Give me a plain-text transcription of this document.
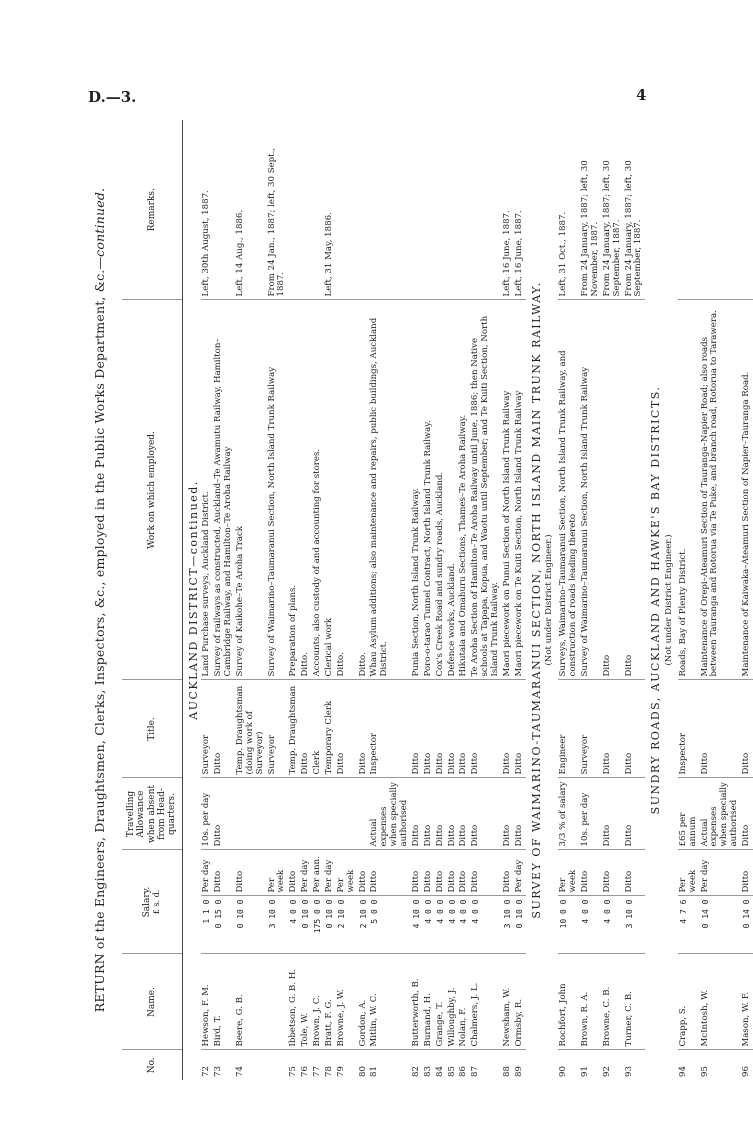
D.—3.	4
RETURN of the Engineers, Draughtsmen, Clerks, Inspectors, &c., employed in the Public Works Department, &c.—continued.
No.	Name.	Salary. £ s. d.		Travelling Allowance when absent from Head-quarters.	Title.	Work on which employed.	Remarks.
AUCKLAND DISTRICT—continued.							
72	Hewson, F. M.	1 1 0	Per day	10s. per day	Surveyor	Land Purchase surveys, Auckland District.	Left, 30th August, 1887.
73	Bird, T.	0 15 0	Ditto	Ditto	Ditto	Survey of railways as constructed, Auckland–Te Awamutu Railway, Hamilton–Cambridge Railway, and Hamilton–Te Aroha Railway	
74	Beere, G. B.	0 10 0	Ditto		Temp. Draughtsman (doing work of Surveyor)	Survey of Kaikohe–Te Aroha Track	Left, 14 Aug., 1886.
		3 10 0	Per week		Surveyor	Survey of Waimarino–Taumaranui Section, North Island Trunk Railway	From 24 Jan., 1887; left, 30 Sept., 1887.
75	Ibbetson, G. B. H.	4 0 0	Ditto		Temp. Draughtsman	Preparation of plans.	
76	Tole, W.	0 10 0	Per day		Ditto	Ditto.	
77	Brown, J. C.	175 0 0	Per ann.		Clerk	Accounts, also custody of and accounting for stores.	
78	Bratt, F. G.	0 10 0	Per day		Temporary Clerk	Clerical work	Left, 31 May, 1886.
79	Browne, J. W.	2 10 0	Per week		Ditto	Ditto.	
80	Gordon, A.	2 10 0	Ditto		Ditto	Ditto.	
81	Mitlin, W. C.	5 0 0	Ditto	Actual expenses when specially authorised	Inspector	Whau Asylum additions; also maintenance and repairs, public buildings, Auckland District.	
82	Butterworth, B.	4 10 0	Ditto	Ditto	Ditto	Punia Section, North Island Trunk Railway.	
83	Burnand, H.	4 0 0	Ditto	Ditto	Ditto	Poro-o-tarao Tunnel Contract, North Island Trunk Railway.	
84	Grange, T.	4 0 0	Ditto	Ditto	Ditto	Cox's Creek Road and sundry roads, Auckland.	
85	Willoughby, J.	4 0 0	Ditto	Ditto	Ditto	Defence works, Auckland.	
86	Nolan, F.	4 0 0	Ditto	Ditto	Ditto	Hikutaia and Omahuru Sections, Thames–Te Aroha Railway.	
87	Chalmers, J. L.	4 0 0	Ditto	Ditto	Ditto	Te Aroha Section of Hamilton–Te Aroha Railway until June, 1886; then Native schools at Tapapa, Kopua, and Waotu until September; and Te Kuiti Section, North Island Trunk Railway.	
88	Newsham, W.	3 10 0	Ditto	Ditto	Ditto	Maori piecework on Punui Section of North Island Trunk Railway	Left, 16 June, 1887.
89	Ormsby, R.	0 10 0	Per day	Ditto	Ditto	Maori piecework on Te Kuiti Section, North Island Trunk Railway	Left, 16 June, 1887.
SURVEY OF WAIMARINO-TAUMARANUI SECTION, NORTH ISLAND MAIN TRUNK RAILWAY.							
(Not under District Engineer.)							
90	Rochfort, John	10 0 0	Per week	3/3 % of salary	Engineer	Surveys, Waimarino–Taumaranui Section, North Island Trunk Railway, and construction of roads leading thereto	Left, 31 Oct., 1887.
91	Brown, R. A.	4 0 0	Ditto	10s. per day	Surveyor	Survey of Waimarino–Taumaranui Section, North Island Trunk Railway	From 24 January, 1887; left, 30 November, 1887.
92	Browne, C. B.	4 0 0	Ditto	Ditto	Ditto	Ditto	From 24 January, 1887; left, 30 September, 1887.
93	Turner, C. B.	3 10 0	Ditto	Ditto	Ditto	Ditto	From 24 January, 1887; left, 30 September, 1887.
SUNDRY ROADS, AUCKLAND AND HAWKE'S BAY DISTRICTS.							
(Not under District Engineer.)							
94	Crapp, S.	4 7 6	Per week	£65 per annum	Inspector	Roads, Bay of Plenty District.	
95	McIntosh, W.	0 14 0	Per day	Actual expenses when specially authorised	Ditto	Maintenance of Orepi–Ateamuri Section of Tauranga–Napier Road; also roads between Tauranga and Rotorua via Te Puke, and branch road, Rotorua to Tarawera.	
96	Mason, W. F.	0 14 0	Ditto	Ditto	Ditto	Maintenance of Kaiwaka–Ateamuri Section of Napier–Tauranga Road.	
